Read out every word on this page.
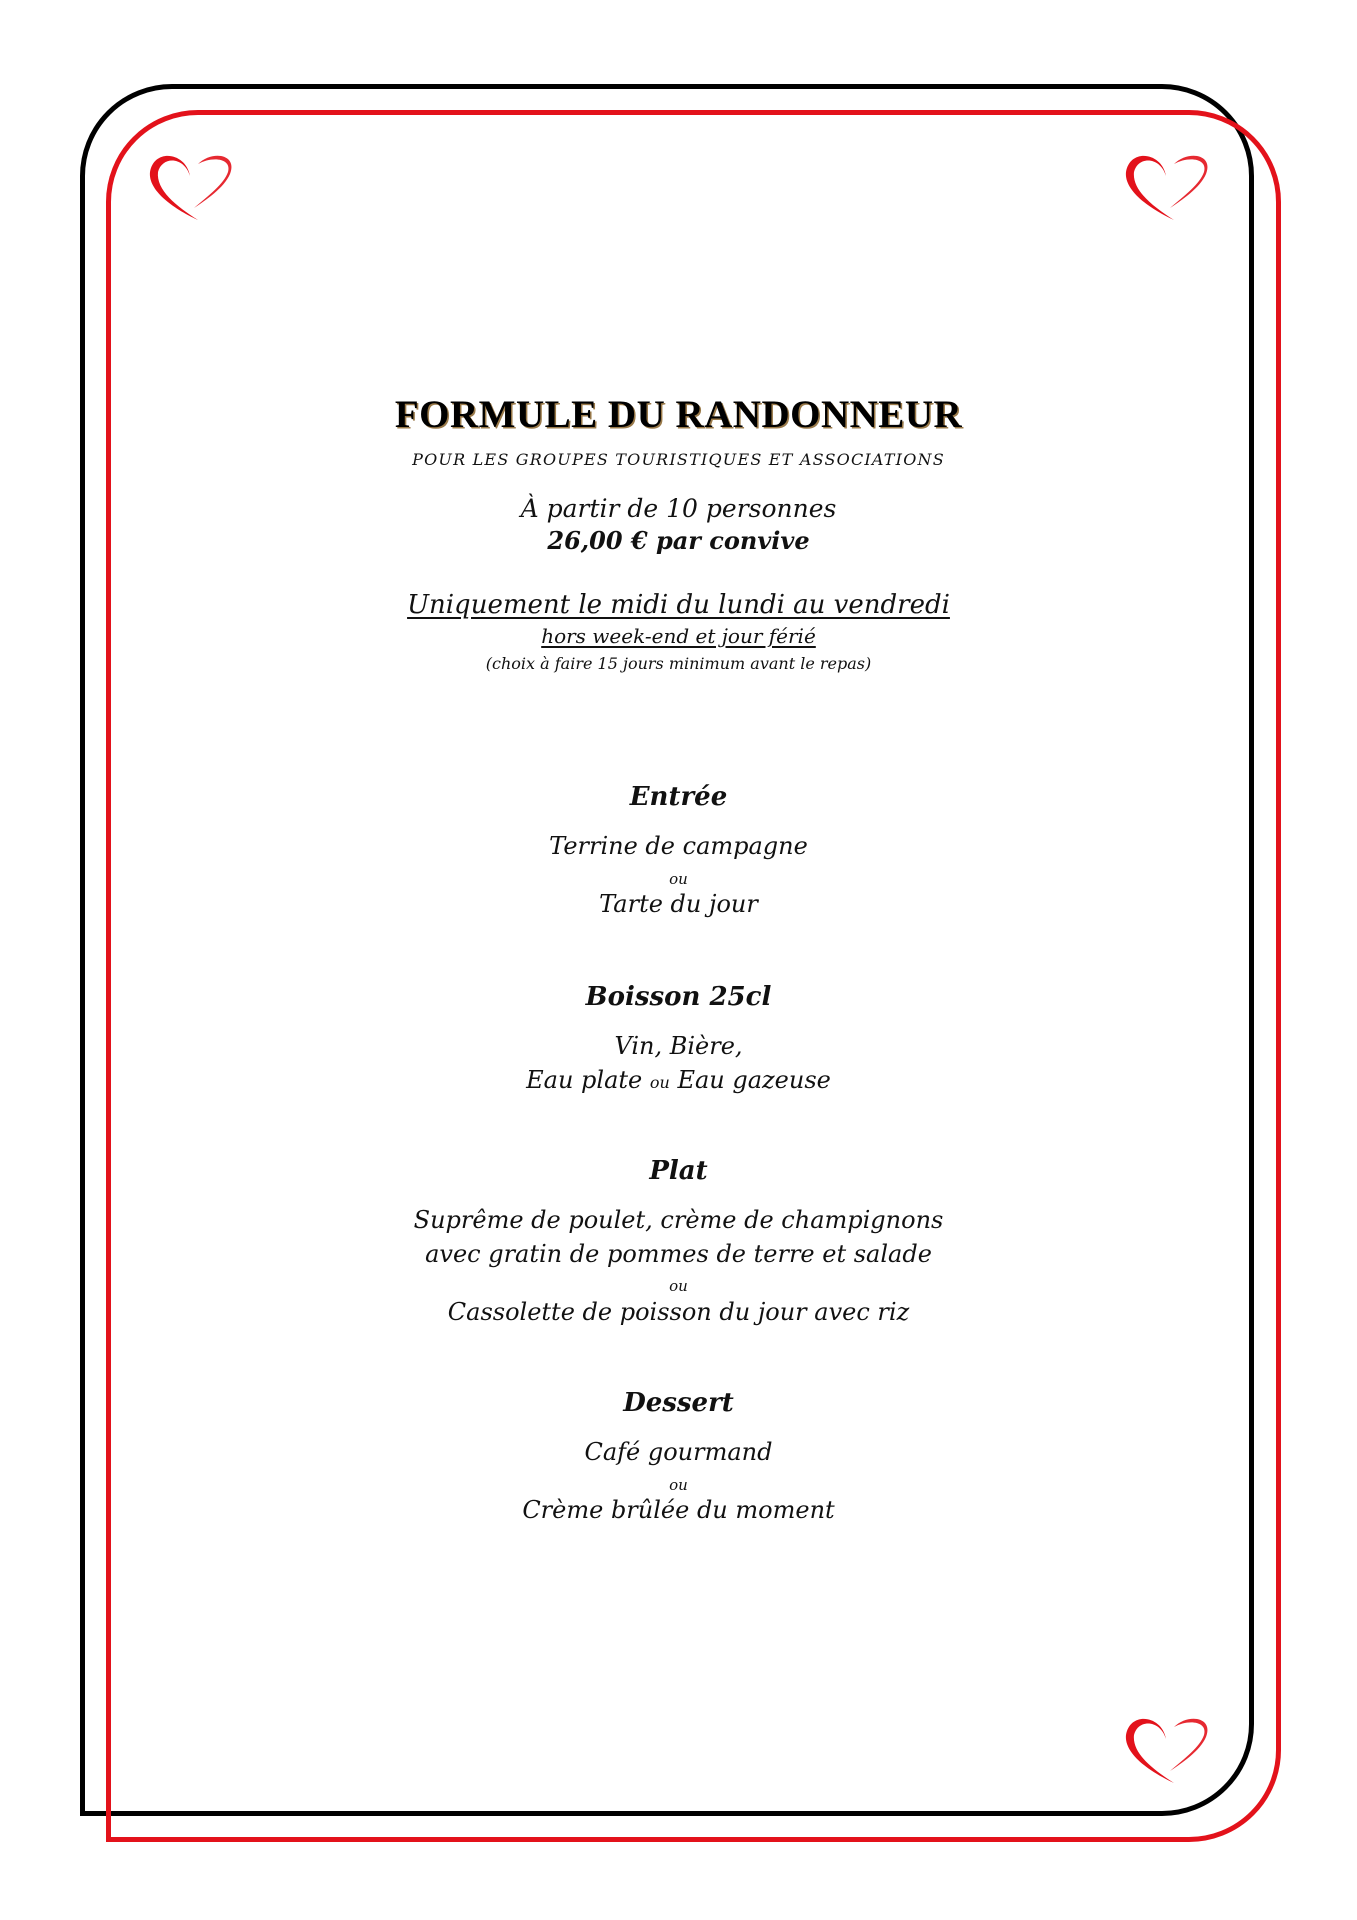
FORMULE DU RANDONNEUR
POUR LES GROUPES TOURISTIQUES ET ASSOCIATIONS
À partir de 10 personnes
26,00 € par convive
Uniquement le midi du lundi au vendredi
hors week-end et jour férié
(choix à faire 15 jours minimum avant le repas)
Entrée
Terrine de campagne
ou
Tarte du jour
Boisson 25cl
Vin, Bière,
Eau plate ou Eau gazeuse
Plat
Suprême de poulet, crème de champignons
avec gratin de pommes de terre et salade
ou
Cassolette de poisson du jour avec riz
Dessert
Café gourmand
ou
Crème brûlée du moment
